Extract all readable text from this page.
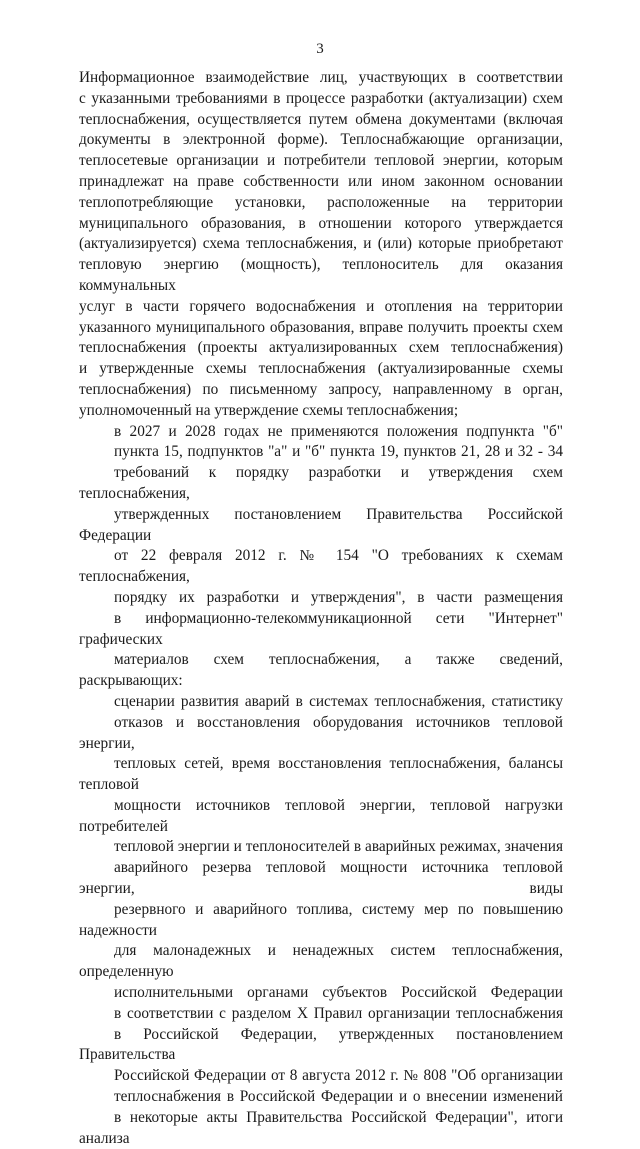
3

Информационное взаимодействие лиц, участвующих в соответствии
с указанными требованиями в процессе разработки (актуализации) схем
теплоснабжения, осуществляется путем обмена документами (включая
документы в электронной форме). Теплоснабжающие организации,
теплосетевые организации и потребители тепловой энергии, которым
принадлежат на праве собственности или ином законном основании
теплопотребляющие установки, расположенные на территории
муниципального образования, в отношении которого утверждается
(актуализируется) схема теплоснабжения, и (или) которые приобретают
тепловую энергию (мощность), теплоноситель для оказания коммунальных
услуг в части горячего водоснабжения и отопления на территории
указанного муниципального образования, вправе получить проекты схем
теплоснабжения (проекты актуализированных схем теплоснабжения)
и утвержденные схемы теплоснабжения (актуализированные схемы
теплоснабжения) по письменному запросу, направленному в орган,
уполномоченный на утверждение схемы теплоснабжения;

в 2027 и 2028 годах не применяются положения подпункта "б"
пункта 15, подпунктов "а" и "б" пункта 19, пунктов 21, 28 и 32 - 34
требований к порядку разработки и утверждения схем теплоснабжения,
утвержденных постановлением Правительства Российской Федерации
от 22 февраля 2012 г. № 154 "О требованиях к схемам теплоснабжения,
порядку их разработки и утверждения", в части размещения
в информационно-телекоммуникационной сети "Интернет" графических
материалов схем теплоснабжения, а также сведений, раскрывающих:

сценарии развития аварий в системах теплоснабжения, статистику
отказов и восстановления оборудования источников тепловой энергии,
тепловых сетей, время восстановления теплоснабжения, балансы тепловой
мощности источников тепловой энергии, тепловой нагрузки потребителей
тепловой энергии и теплоносителей в аварийных режимах, значения
аварийного резерва тепловой мощности источника тепловой энергии, виды
резервного и аварийного топлива, систему мер по повышению надежности
для малонадежных и ненадежных систем теплоснабжения, определенную
исполнительными органами субъектов Российской Федерации
в соответствии с разделом X Правил организации теплоснабжения
в Российской Федерации, утвержденных постановлением Правительства
Российской Федерации от 8 августа 2012 г. № 808 "Об организации
теплоснабжения в Российской Федерации и о внесении изменений
в некоторые акты Правительства Российской Федерации", итоги анализа
